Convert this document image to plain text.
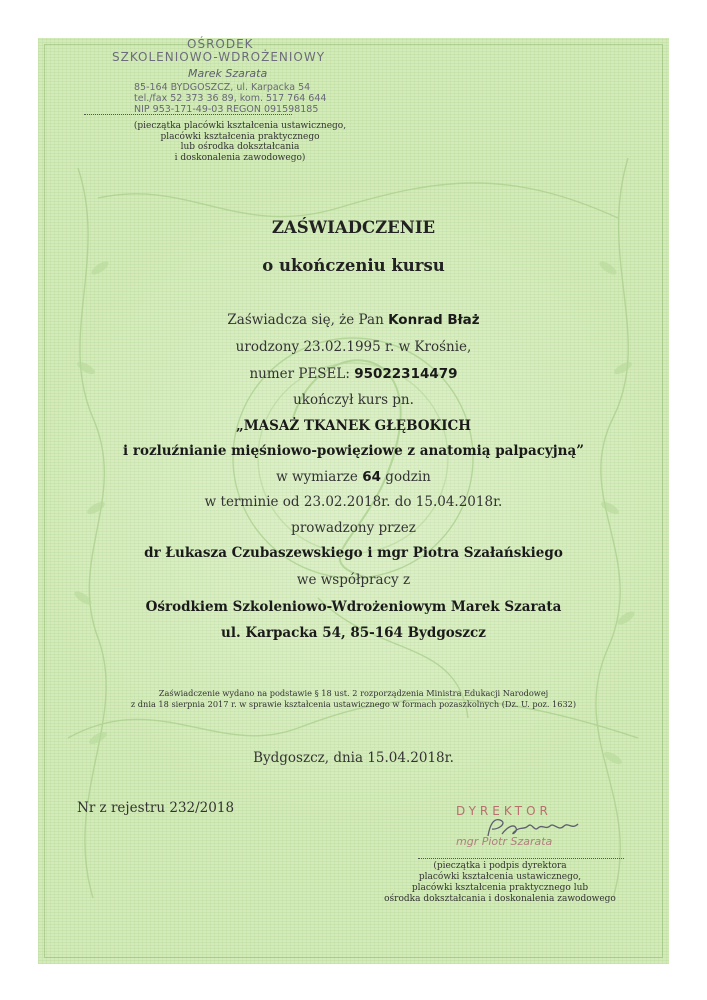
OŚRODEK
SZKOLENIOWO-WDROŻENIOWY
Marek Szarata
85-164 BYDGOSZCZ, ul. Karpacka 54
tel./fax 52 373 36 89, kom. 517 764 644
NIP 953-171-49-03 REGON 091598185
(pieczątka placówki kształcenia ustawicznego,
placówki kształcenia praktycznego
lub ośrodka dokształcania
i doskonalenia zawodowego)
ZAŚWIADCZENIE
o ukończeniu kursu
Zaświadcza się, że Pan Konrad Błaż
urodzony 23.02.1995 r. w Krośnie,
numer PESEL: 95022314479
ukończył kurs pn.
„MASAŻ TKANEK GŁĘBOKICH
i rozluźnianie mięśniowo-powięziowe z anatomią palpacyjną”
w wymiarze 64 godzin
w terminie od 23.02.2018r. do 15.04.2018r.
prowadzony przez
dr Łukasza Czubaszewskiego i mgr Piotra Szałańskiego
we współpracy z
Ośrodkiem Szkoleniowo-Wdrożeniowym Marek Szarata
ul. Karpacka 54, 85-164 Bydgoszcz
Zaświadczenie wydano na podstawie § 18 ust. 2 rozporządzenia Ministra Edukacji Narodowej
z dnia 18 sierpnia 2017 r. w sprawie kształcenia ustawicznego w formach pozaszkolnych (Dz. U. poz. 1632)
Bydgoszcz, dnia 15.04.2018r.
Nr z rejestru 232/2018	DYREKTOR
mgr Piotr Szarata
(pieczątka i podpis dyrektora
placówki kształcenia ustawicznego,
placówki kształcenia praktycznego lub
ośrodka dokształcania i doskonalenia zawodowego
